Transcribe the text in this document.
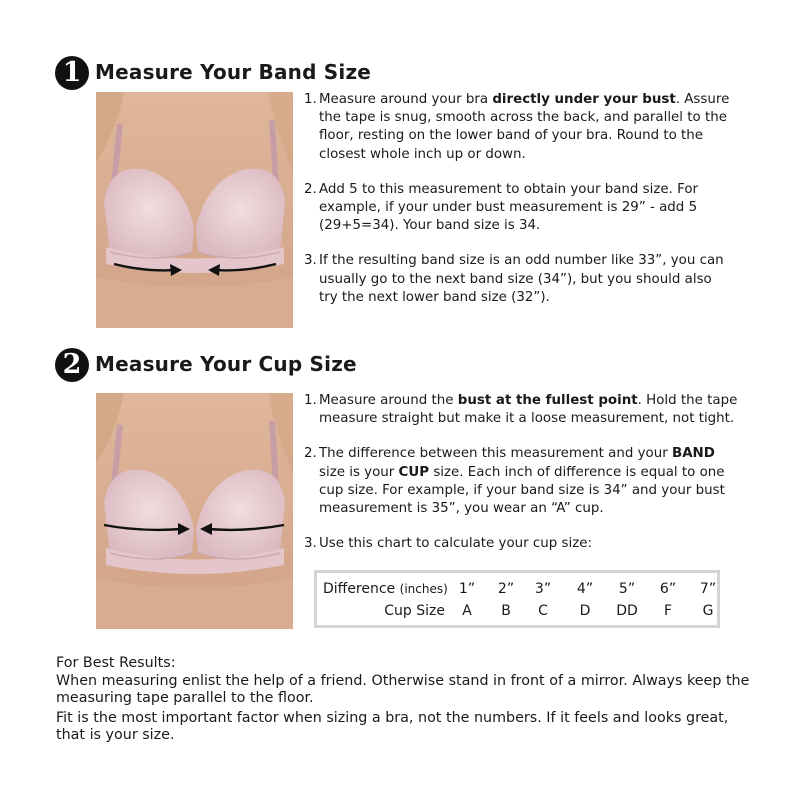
1 Measure Your Band Size
1. Measure around your bra directly under your bust. Assure the tape is snug, smooth across the back, and parallel to the floor, resting on the lower band of your bra. Round to the closest whole inch up or down.
2. Add 5 to this measurement to obtain your band size. For example, if your under bust measurement is 29” - add 5 (29+5=34). Your band size is 34.
3. If the resulting band size is an odd number like 33”, you can usually go to the next band size (34”), but you should also try the next lower band size (32”).
2 Measure Your Cup Size
1. Measure around the bust at the fullest point. Hold the tape measure straight but make it a loose measurement, not tight.
2. The difference between this measurement and your BAND size is your CUP size. Each inch of difference is equal to one cup size. For example, if your band size is 34” and your bust measurement is 35”, you wear an “A” cup.
3. Use this chart to calculate your cup size:
Difference (inches) 1”	2”	3”	4”	5”	6”	7”
Cup Size	A	B	C	D	DD	F	G
For Best Results:
When measuring enlist the help of a friend. Otherwise stand in front of a mirror. Always keep the measuring tape parallel to the floor.
Fit is the most important factor when sizing a bra, not the numbers. If it feels and looks great, that is your size.
